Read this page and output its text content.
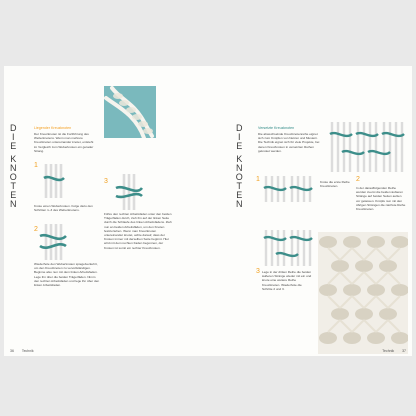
D
I
E
K
N
O
T
E
N
Liegender Kreuzknoten
Der Kreuzknoten ist die Fortführung des Weberknotens. Wenn man mehrere Kreuzknoten untereinander knotet, entsteht im Vergleich zum Weberknoten ein gerader Strang.
1
Knote einen Weberknoten. Folge dazu den Schritten 1–3 des Weberknotens.
2
Wiederhole den Weberknoten spiegelverkehrt, um den Kreuzknoten zu vervollständigen. Beginne also nun mit dem linken Arbeitsfaden. Lege ihn über die beiden Trägerfäden. Nimm den rechten Arbeitsfaden und lege ihn über den linken Arbeitsfaden.
3
Führe den rechten Arbeitsfaden unter den beiden Trägerfäden durch, zieh ihn auf der linken Seite durch die Schlaufe des linken Arbeitsfadens. Zieh nun an beiden Arbeitsfäden, um den Knoten festzuziehen. Wenn man Kreuzknoten untereinander knotet, achte darauf, dass der Knoten immer mit derselben Seite beginnt. Hier wird mit dem rechten Faden begonnen, der Knoten ist somit ein rechter Kreuzknoten.
36 Technik
D
I
E
K
N
O
T
E
N
Versetzte Kreuzknoten
Die abwechselnde Kreuzknotenreihe eignet sich zum Knüpfen von Netzen und Mustern. Die Technik eignet sich für viele Projekte, bei denen Kreuzknoten in versetzten Reihen geknotet werden.
1	Knote die erste Reihe Kreuzknoten.
2
In der darauffolgenden Reihe werden zuerst die beiden äußeren Stränge auf beiden Seiten außen vor gelassen. Knüpfe nun mit den übrigen Strängen die nächste Reihe Kreuzknoten.
3 Lege in der dritten Reihe die beiden äußeren Stränge wieder mit ein und knote eine weitere Reihe Kreuzknoten. Wiederhole die Schritte 2 und 3.
Technik 37
